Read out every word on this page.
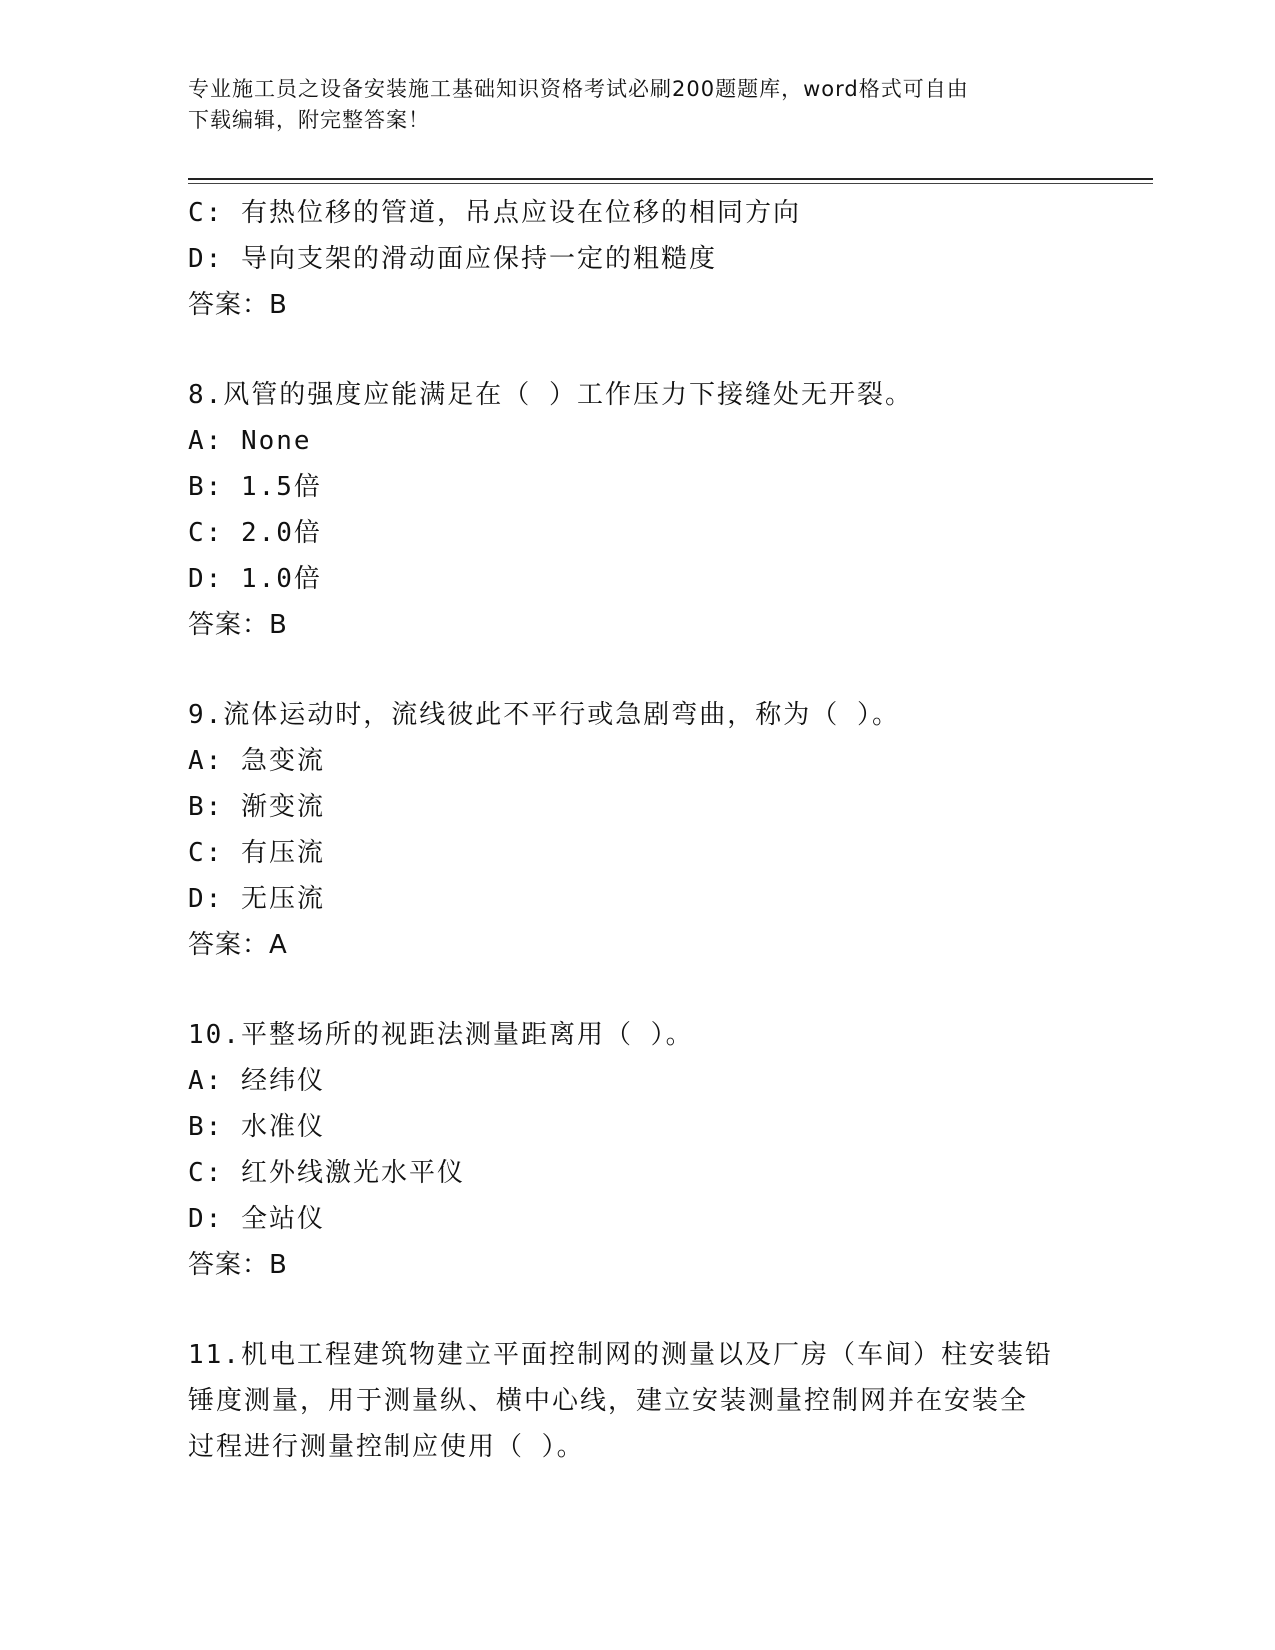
专业施工员之设备安装施工基础知识资格考试必刷200题题库，word格式可自由
下载编辑，附完整答案！
C: 有热位移的管道，吊点应设在位移的相同方向
D: 导向支架的滑动面应保持一定的粗糙度
答案：B
8.风管的强度应能满足在（ ）工作压力下接缝处无开裂。
A: None
B: 1.5倍
C: 2.0倍
D: 1.0倍
答案：B
9.流体运动时，流线彼此不平行或急剧弯曲，称为（ ）。
A: 急变流
B: 渐变流
C: 有压流
D: 无压流
答案：A
10.平整场所的视距法测量距离用（ ）。
A: 经纬仪
B: 水准仪
C: 红外线激光水平仪
D: 全站仪
答案：B
11.机电工程建筑物建立平面控制网的测量以及厂房（车间）柱安装铅
锤度测量，用于测量纵、横中心线，建立安装测量控制网并在安装全
过程进行测量控制应使用（ ）。
